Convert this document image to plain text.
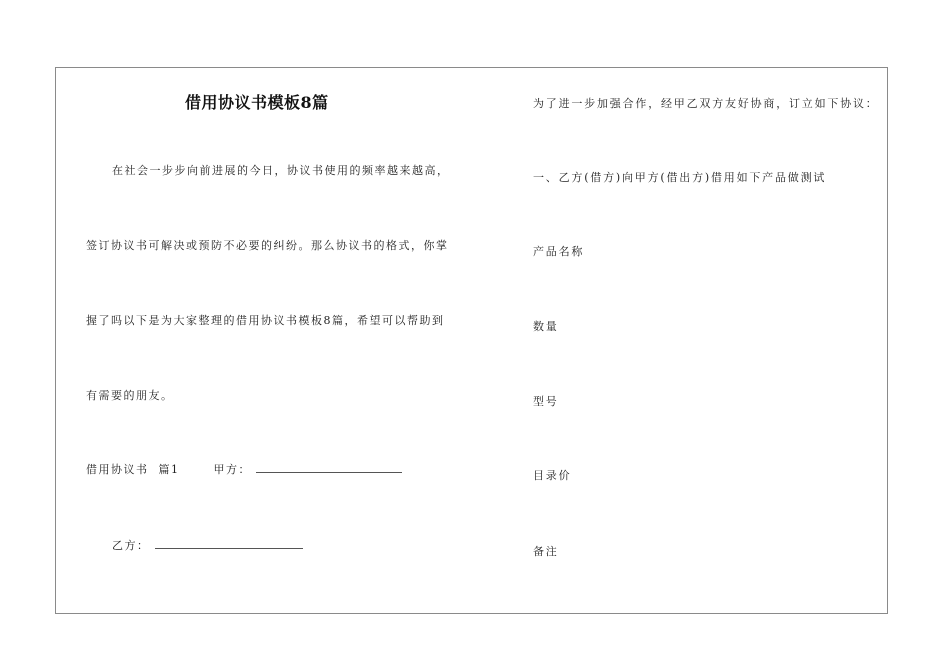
借用协议书模板8篇
在社会一步步向前进展的今日，协议书使用的频率越来越高，
签订协议书可解决或预防不必要的纠纷。那么协议书的格式，你掌
握了吗以下是为大家整理的借用协议书模板8篇，希望可以帮助到
有需要的朋友。
借用协议书  篇1	甲方：
乙方：
为了进一步加强合作，经甲乙双方友好协商，订立如下协议：
一、乙方(借方)向甲方(借出方)借用如下产品做测试
产品名称
数量
型号
目录价
备注
